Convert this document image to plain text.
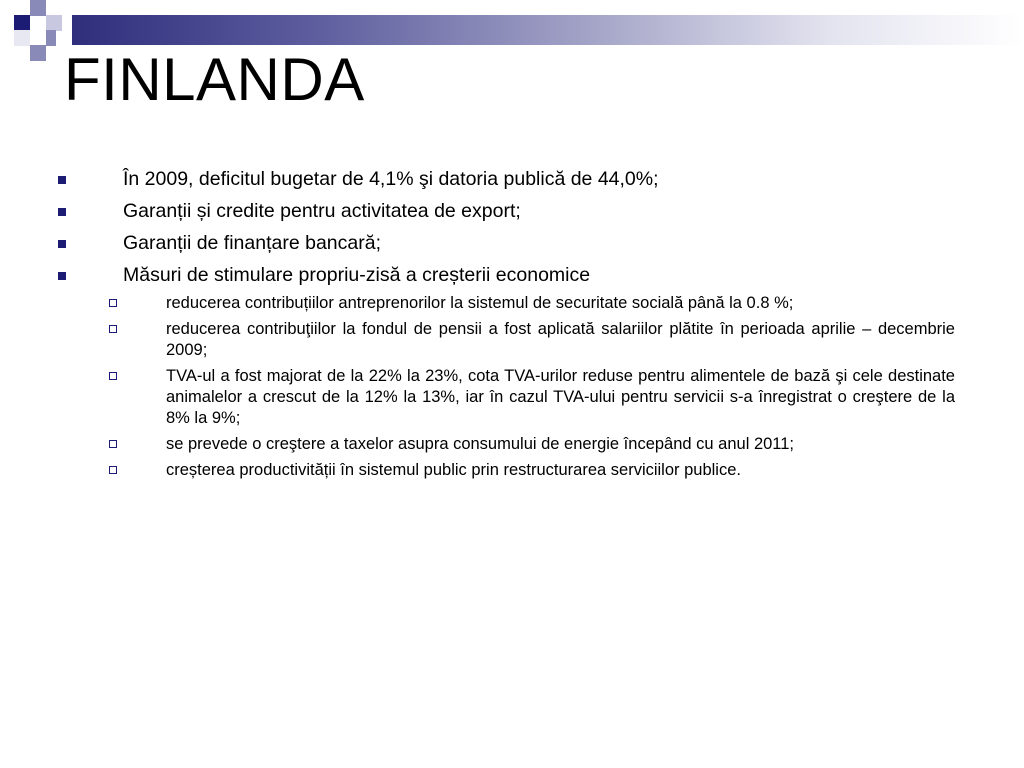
FINLANDA
În 2009, deficitul bugetar de 4,1% şi datoria publică de 44,0%;
Garanții și credite pentru activitatea de export;
Garanții de finanțare bancară;
Măsuri de stimulare propriu-zisă a creșterii economice
reducerea contribuțiilor antreprenorilor la sistemul de securitate socială până la 0.8 %;
reducerea contribuţiilor la fondul de pensii a fost aplicată salariilor plătite în perioada aprilie – decembrie 2009;
TVA-ul a fost majorat de la 22% la 23%, cota TVA-urilor reduse pentru alimentele de bază şi cele destinate animalelor a crescut de la 12% la 13%, iar în cazul TVA-ului pentru servicii s-a înregistrat o creştere de la 8% la 9%;
se prevede o creştere a taxelor asupra consumului de energie începând cu anul 2011;
creșterea productivității în sistemul public prin restructurarea serviciilor publice.
